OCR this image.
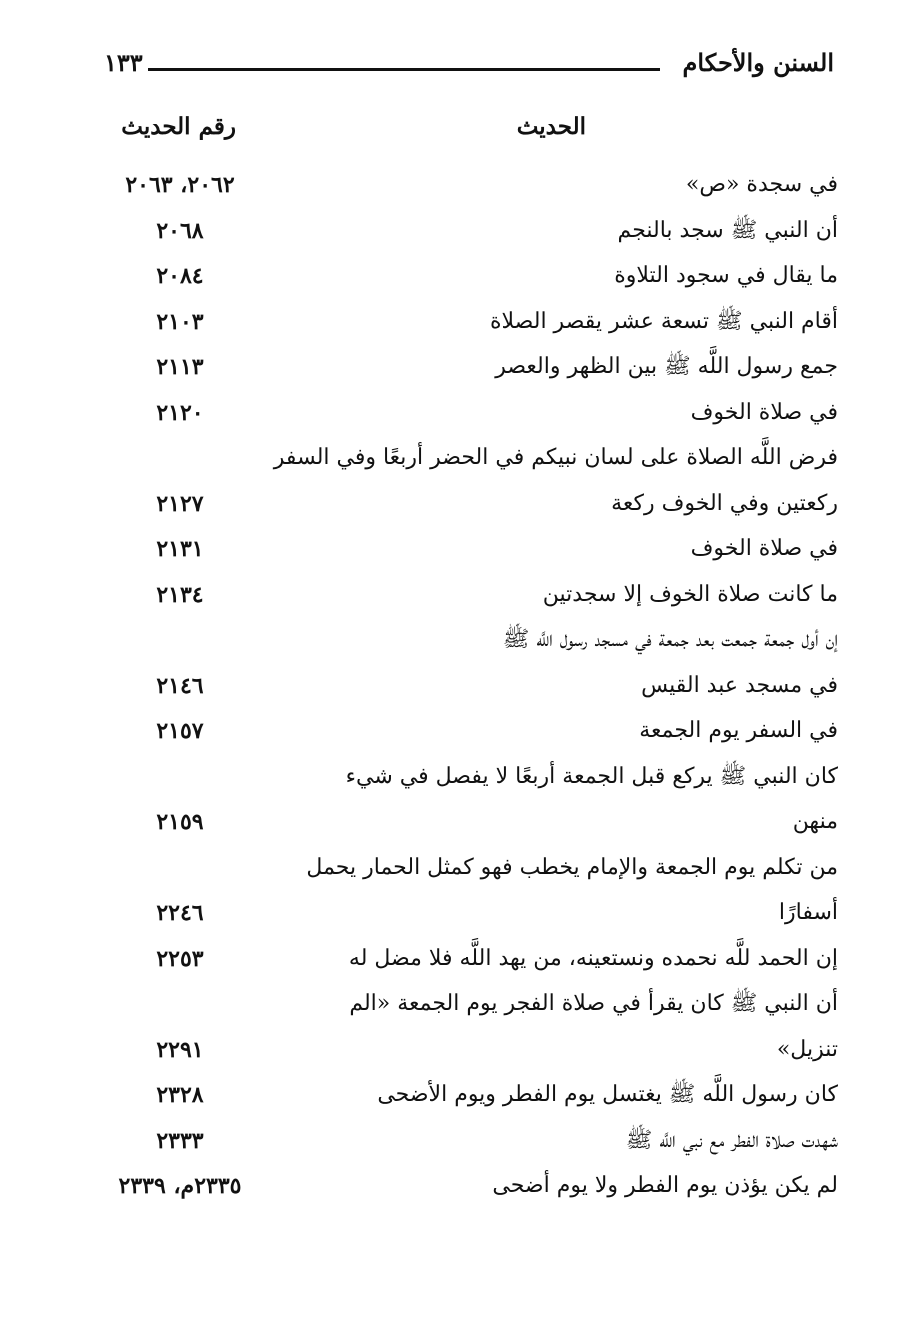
السنن والأحكام
١٣٣
الحديث
رقم الحديث
في سجدة «ص»
٢٠٦٢، ٢٠٦٣
أن النبي ﷺ سجد بالنجم
٢٠٦٨
ما يقال في سجود التلاوة
٢٠٨٤
أقام النبي ﷺ تسعة عشر يقصر الصلاة
٢١٠٣
جمع رسول اللَّه ﷺ بين الظهر والعصر
٢١١٣
في صلاة الخوف
٢١٢٠
فرض اللَّه الصلاة على لسان نبيكم في الحضر أربعًا وفي السفر
ركعتين وفي الخوف ركعة
٢١٢٧
في صلاة الخوف
٢١٣١
ما كانت صلاة الخوف إلا سجدتين
٢١٣٤
إن أول جمعة جمعت بعد جمعة في مسجد رسول اللَّه ﷺ
في مسجد عبد القيس
٢١٤٦
في السفر يوم الجمعة
٢١٥٧
كان النبي ﷺ يركع قبل الجمعة أربعًا لا يفصل في شيء
منهن
٢١٥٩
من تكلم يوم الجمعة والإمام يخطب فهو كمثل الحمار يحمل
أسفارًا
٢٢٤٦
إن الحمد للَّه نحمده ونستعينه، من يهد اللَّه فلا مضل له
٢٢٥٣
أن النبي ﷺ كان يقرأ في صلاة الفجر يوم الجمعة «الم
تنزيل»
٢٢٩١
كان رسول اللَّه ﷺ يغتسل يوم الفطر ويوم الأضحى
٢٣٢٨
شهدت صلاة الفطر مع نبي اللَّه ﷺ
٢٣٣٣
لم يكن يؤذن يوم الفطر ولا يوم أضحى
٢٣٣٥م، ٢٣٣٩
